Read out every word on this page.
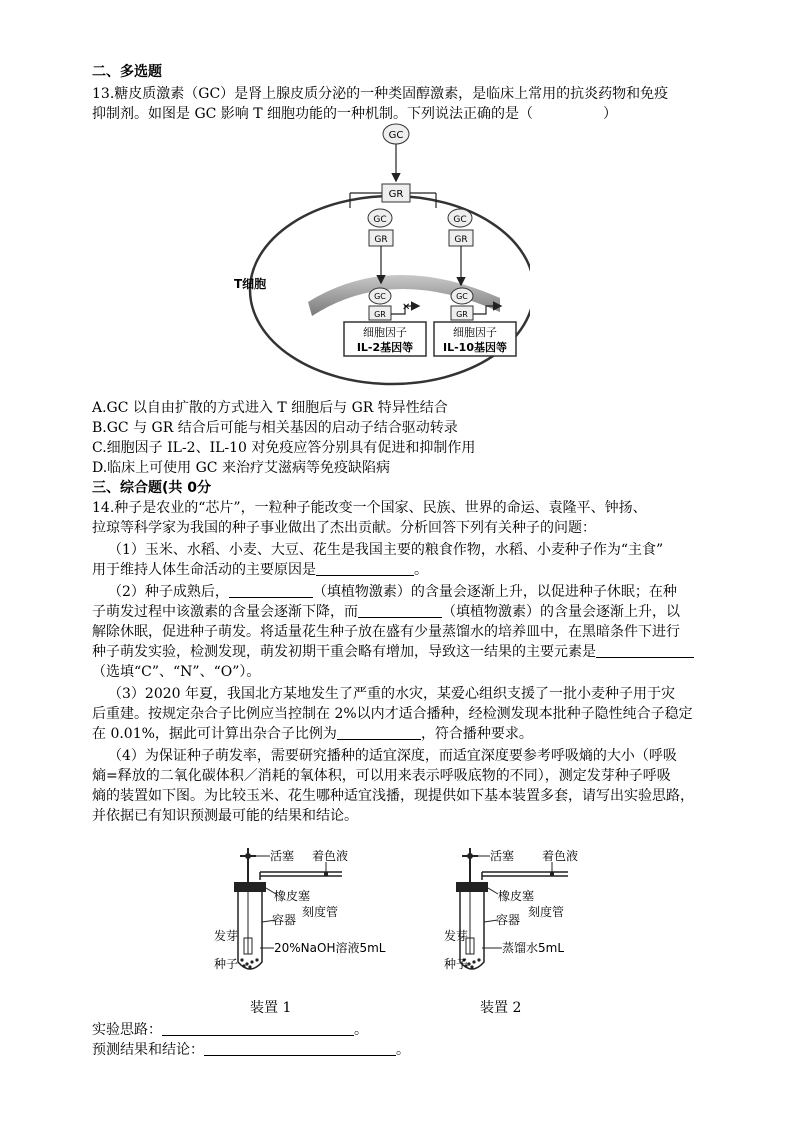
二、多选题
13.糖皮质激素（GC）是肾上腺皮质分泌的一种类固醇激素，是临床上常用的抗炎药物和免疫
抑制剂。如图是 GC 影响 T 细胞功能的一种机制。下列说法正确的是（　　　　　）
GC
GR
GC
GR
GC
GR
T细胞
GC
GR
✕
GC
GR
细胞因子
IL-2基因等
细胞因子
IL-10基因等
A.GC 以自由扩散的方式进入 T 细胞后与 GR 特异性结合
B.GC 与 GR 结合后可能与相关基因的启动子结合驱动转录
C.细胞因子 IL-2、IL-10 对免疫应答分别具有促进和抑制作用
D.临床上可使用 GC 来治疗艾滋病等免疫缺陷病
三、综合题(共 0分
14.种子是农业的“芯片”，一粒种子能改变一个国家、民族、世界的命运、袁隆平、钟扬、
拉琼等科学家为我国的种子事业做出了杰出贡献。分析回答下列有关种子的问题：
（1）玉米、水稻、小麦、大豆、花生是我国主要的粮食作物，水稻、小麦种子作为“主食”
用于维持人体生命活动的主要原因是	。
（2）种子成熟后，	（填植物激素）的含量会逐渐上升，以促进种子休眠；在种
子萌发过程中该激素的含量会逐渐下降，而	（填植物激素）的含量会逐渐上升，以
解除休眠，促进种子萌发。将适量花生种子放在盛有少量蒸馏水的培养皿中，在黑暗条件下进行
种子萌发实验，检测发现，萌发初期干重会略有增加，导致这一结果的主要元素是
（选填“C”、“N”、“O”）。
（3）2020 年夏，我国北方某地发生了严重的水灾，某爱心组织支援了一批小麦种子用于灾
后重建。按规定杂合子比例应当控制在 2%以内才适合播种，经检测发现本批种子隐性纯合子稳定
在 0.01%，据此可计算出杂合子比例为	，符合播种要求。
（4）为保证种子萌发率，需要研究播种的适宜深度，而适宜深度要参考呼吸熵的大小（呼吸
熵=释放的二氧化碳体积／消耗的氧体积，可以用来表示呼吸底物的不同），测定发芽种子呼吸
熵的装置如下图。为比较玉米、花生哪种适宜浅播，现提供如下基本装置多套，请写出实验思路，
并依据已有知识预测最可能的结果和结论。
活塞 着色液
橡皮塞
刻度管
容器
20%NaOH溶液5mL
发芽
种子
装置 1
活塞 着色液
橡皮塞
刻度管
容器
蒸馏水5mL
发芽
种子
装置 2
实验思路：	。
预测结果和结论：	。
